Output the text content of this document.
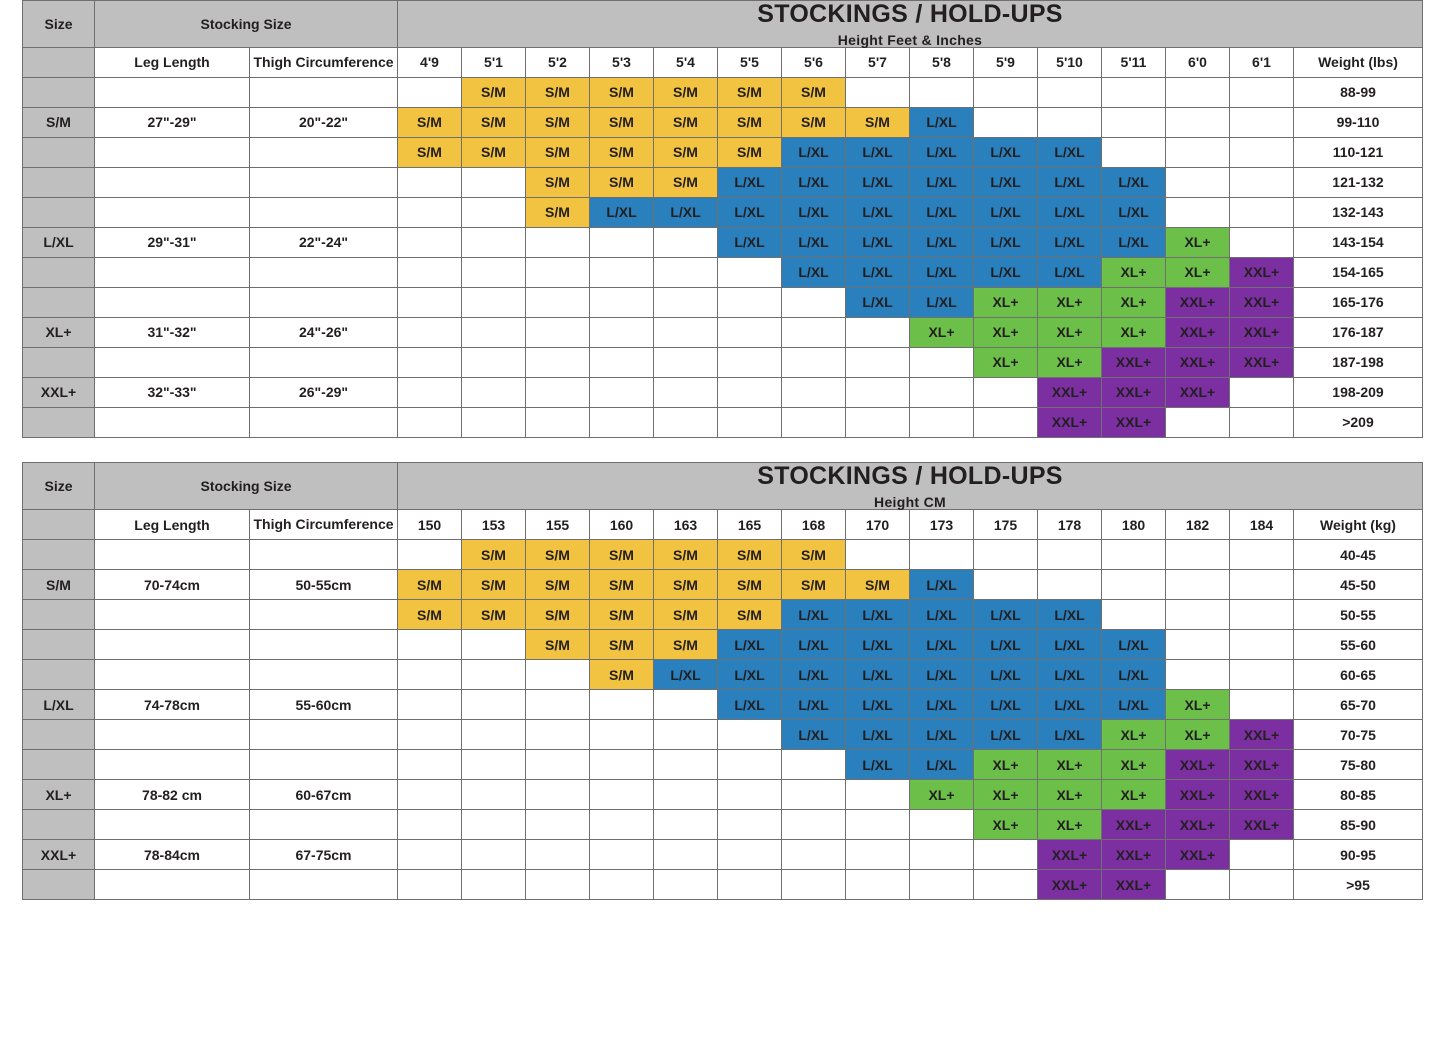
Size	Stocking Size		STOCKINGS / HOLD-UPS
Height Feet & Inches														

	Leg Length	Thigh Circumference	4'9	5'1	5'2	5'3	5'4	5'5	5'6	5'7	5'8	5'9	5'10	5'11	6'0	6'1	Weight (lbs)
				S/M	S/M	S/M	S/M	S/M	S/M								88-99
S/M	27"-29"	20"-22"	S/M	S/M	S/M	S/M	S/M	S/M	S/M	S/M	L/XL						99-110
			S/M	S/M	S/M	S/M	S/M	S/M	L/XL	L/XL	L/XL	L/XL	L/XL				110-121
					S/M	S/M	S/M	L/XL	L/XL	L/XL	L/XL	L/XL	L/XL	L/XL			121-132
					S/M	L/XL	L/XL	L/XL	L/XL	L/XL	L/XL	L/XL	L/XL	L/XL			132-143
L/XL	29"-31"	22"-24"						L/XL	L/XL	L/XL	L/XL	L/XL	L/XL	L/XL	XL+		143-154
									L/XL	L/XL	L/XL	L/XL	L/XL	XL+	XL+	XXL+	154-165
										L/XL	L/XL	XL+	XL+	XL+	XXL+	XXL+	165-176
XL+	31"-32"	24"-26"									XL+	XL+	XL+	XL+	XXL+	XXL+	176-187
												XL+	XL+	XXL+	XXL+	XXL+	187-198
XXL+	32"-33"	26"-29"											XXL+	XXL+	XXL+		198-209
													XXL+	XXL+			>209
Size	Stocking Size		STOCKINGS / HOLD-UPS
Height CM														

	Leg Length	Thigh Circumference	150	153	155	160	163	165	168	170	173	175	178	180	182	184	Weight (kg)
				S/M	S/M	S/M	S/M	S/M	S/M								40-45
S/M	70-74cm	50-55cm	S/M	S/M	S/M	S/M	S/M	S/M	S/M	S/M	L/XL						45-50
			S/M	S/M	S/M	S/M	S/M	S/M	L/XL	L/XL	L/XL	L/XL	L/XL				50-55
					S/M	S/M	S/M	L/XL	L/XL	L/XL	L/XL	L/XL	L/XL	L/XL			55-60
						S/M	L/XL	L/XL	L/XL	L/XL	L/XL	L/XL	L/XL	L/XL			60-65
L/XL	74-78cm	55-60cm						L/XL	L/XL	L/XL	L/XL	L/XL	L/XL	L/XL	XL+		65-70
									L/XL	L/XL	L/XL	L/XL	L/XL	XL+	XL+	XXL+	70-75
										L/XL	L/XL	XL+	XL+	XL+	XXL+	XXL+	75-80
XL+	78-82 cm	60-67cm									XL+	XL+	XL+	XL+	XXL+	XXL+	80-85
												XL+	XL+	XXL+	XXL+	XXL+	85-90
XXL+	78-84cm	67-75cm											XXL+	XXL+	XXL+		90-95
													XXL+	XXL+			>95
